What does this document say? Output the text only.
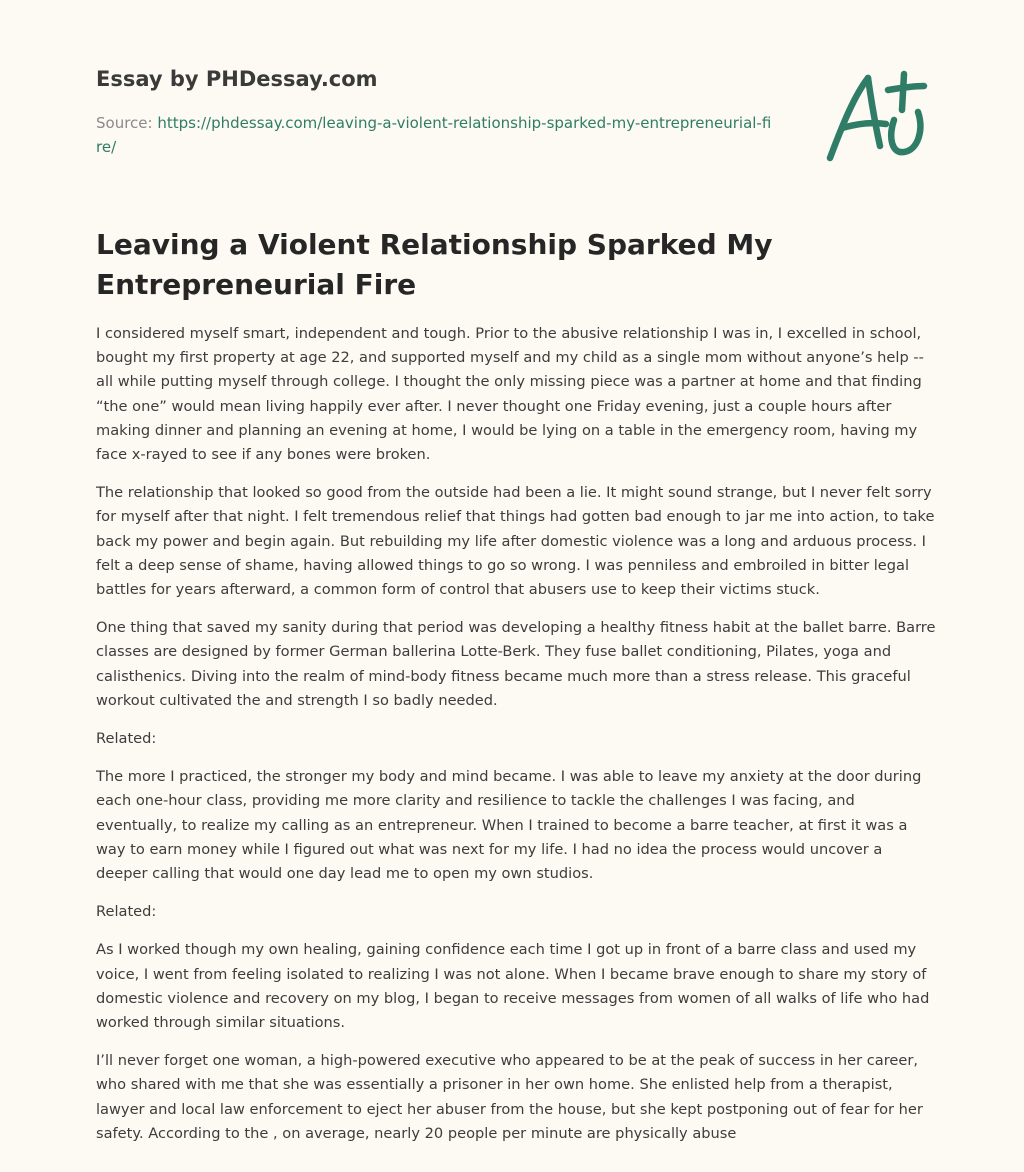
Essay by PHDessay.com
Source: https://phdessay.com/leaving-a-violent-relationship-sparked-my-entrepreneurial-fire/
Leaving a Violent Relationship Sparked My Entrepreneurial Fire

I considered myself smart, independent and tough. Prior to the abusive relationship I was in, I excelled in school, bought my first property at age 22, and supported myself and my child as a single mom without anyone’s help -- all while putting myself through college. I thought the only missing piece was a partner at home and that finding “the one” would mean living happily ever after. I never thought one Friday evening, just a couple hours after making dinner and planning an evening at home, I would be lying on a table in the emergency room, having my face x-rayed to see if any bones were broken.

The relationship that looked so good from the outside had been a lie. It might sound strange, but I never felt sorry for myself after that night. I felt tremendous relief that things had gotten bad enough to jar me into action, to take back my power and begin again. But rebuilding my life after domestic violence was a long and arduous process. I felt a deep sense of shame, having allowed things to go so wrong. I was penniless and embroiled in bitter legal battles for years afterward, a common form of control that abusers use to keep their victims stuck.

One thing that saved my sanity during that period was developing a healthy fitness habit at the ballet barre. Barre classes are designed by former German ballerina Lotte-Berk. They fuse ballet conditioning, Pilates, yoga and calisthenics. Diving into the realm of mind-body fitness became much more than a stress release. This graceful workout cultivated the and strength I so badly needed.

Related:

The more I practiced, the stronger my body and mind became. I was able to leave my anxiety at the door during each one-hour class, providing me more clarity and resilience to tackle the challenges I was facing, and eventually, to realize my calling as an entrepreneur. When I trained to become a barre teacher, at first it was a way to earn money while I figured out what was next for my life. I had no idea the process would uncover a deeper calling that would one day lead me to open my own studios.

Related:

As I worked though my own healing, gaining confidence each time I got up in front of a barre class and used my voice, I went from feeling isolated to realizing I was not alone. When I became brave enough to share my story of domestic violence and recovery on my blog, I began to receive messages from women of all walks of life who had worked through similar situations.

I’ll never forget one woman, a high-powered executive who appeared to be at the peak of success in her career, who shared with me that she was essentially a prisoner in her own home. She enlisted help from a therapist, lawyer and local law enforcement to eject her abuser from the house, but she kept postponing out of fear for her safety. According to the , on average, nearly 20 people per minute are physically abuse
